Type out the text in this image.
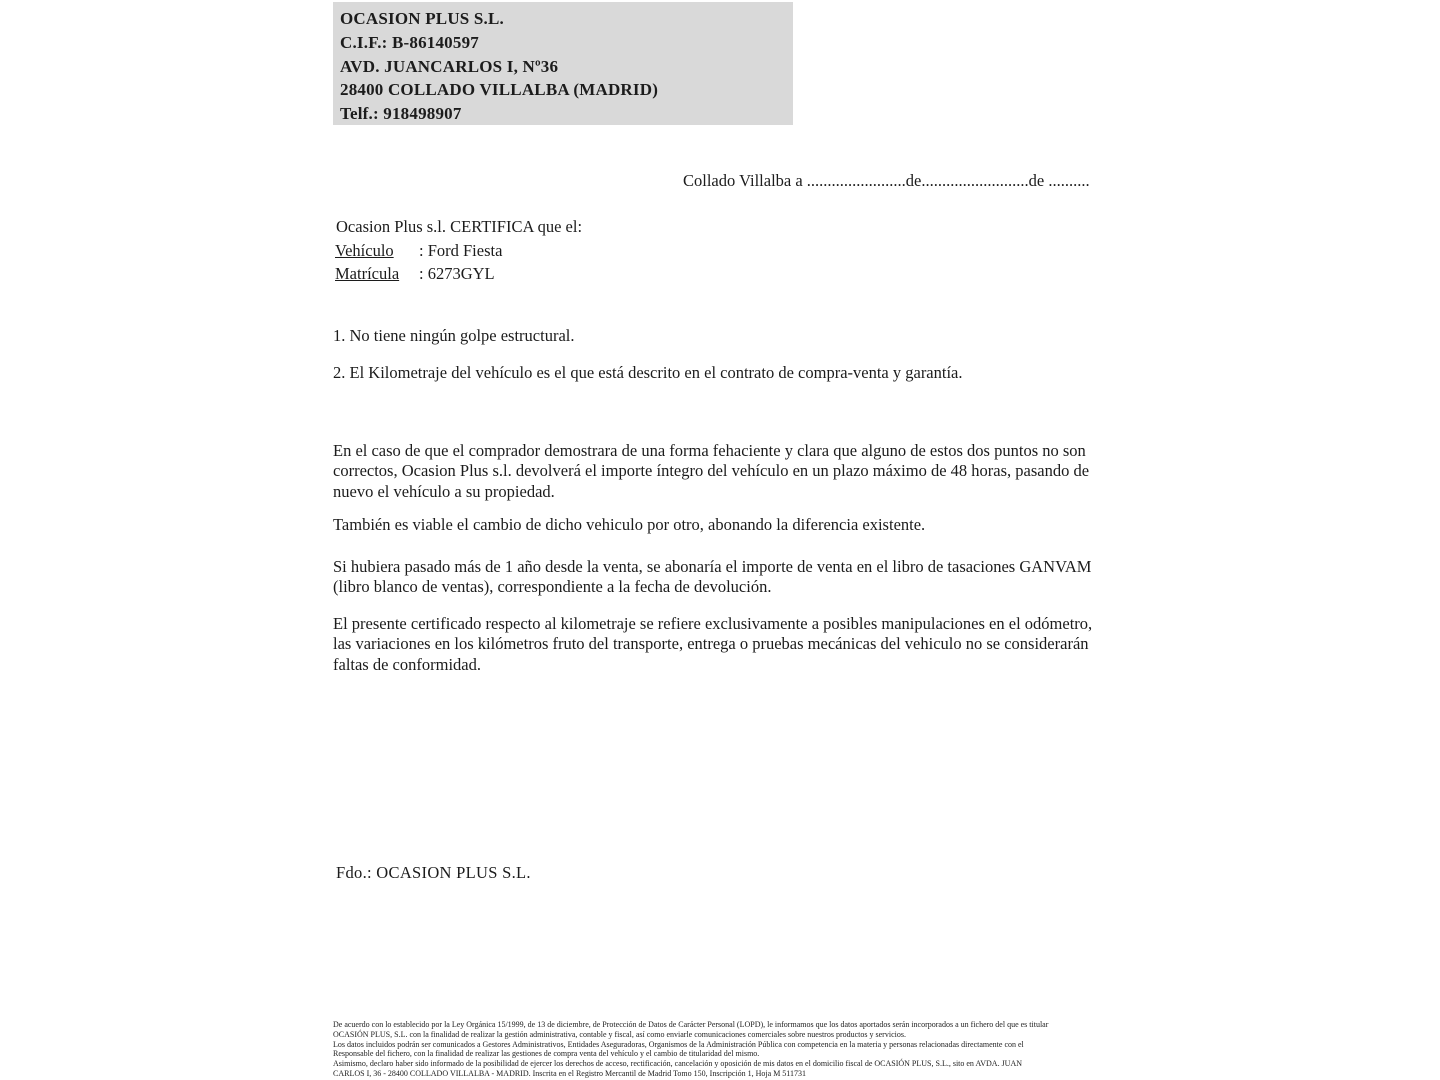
OCASION PLUS S.L.
C.I.F.: B-86140597
AVD. JUANCARLOS I, Nº36
28400 COLLADO VILLALBA (MADRID)
Telf.: 918498907
Collado Villalba a ........................de..........................de ..........
Ocasion Plus s.l. CERTIFICA que el:
Vehículo	: Ford Fiesta
Matrícula	: 6273GYL
1. No tiene ningún golpe estructural.
2. El Kilometraje del vehículo es el que está descrito en el contrato de compra-venta y garantía.
En el caso de que el comprador demostrara de una forma fehaciente y clara que alguno de estos dos puntos no son correctos, Ocasion Plus s.l. devolverá el importe íntegro del vehículo en un plazo máximo de 48 horas, pasando de nuevo el vehículo a su propiedad.
También es viable el cambio de dicho vehiculo por otro, abonando la diferencia existente.
Si hubiera pasado más de 1 año desde la venta, se abonaría el importe de venta en el libro de tasaciones GANVAM (libro blanco de ventas), correspondiente a la fecha de devolución.
El presente certificado respecto al kilometraje se refiere exclusivamente a posibles manipulaciones en el odómetro, las variaciones en los kilómetros fruto del transporte, entrega o pruebas mecánicas del vehiculo no se considerarán faltas de conformidad.
Fdo.: OCASION PLUS S.L.
De acuerdo con lo establecido por la Ley Orgánica 15/1999, de 13 de diciembre, de Protección de Datos de Carácter Personal (LOPD), le informamos que los datos aportados serán incorporados a un fichero del que es titular
OCASIÓN PLUS, S.L. con la finalidad de realizar la gestión administrativa, contable y fiscal, así como enviarle comunicaciones comerciales sobre nuestros productos y servicios.
Los datos incluidos podrán ser comunicados a Gestores Administrativos, Entidades Aseguradoras, Organismos de la Administración Pública con competencia en la materia y personas relacionadas directamente con el
Responsable del fichero, con la finalidad de realizar las gestiones de compra venta del vehículo y el cambio de titularidad del mismo.
Asimismo, declaro haber sido informado de la posibilidad de ejercer los derechos de acceso, rectificación, cancelación y oposición de mis datos en el domicilio fiscal de OCASIÓN PLUS, S.L., sito en AVDA. JUAN
CARLOS I, 36 - 28400 COLLADO VILLALBA - MADRID. Inscrita en el Registro Mercantil de Madrid Tomo 150, Inscripción 1, Hoja M 511731
